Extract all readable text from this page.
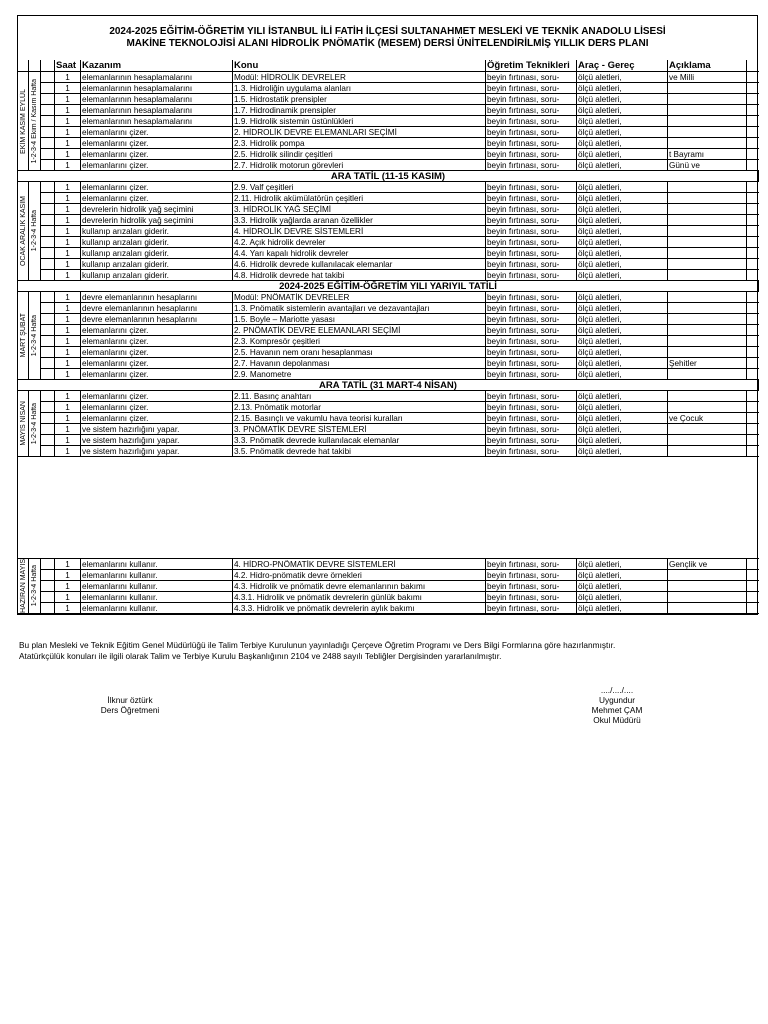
2024-2025 EĞİTİM-ÖĞRETİM YILI İSTANBUL İLİ FATİH İLÇESİ SULTANAHMET MESLEKİ VE TEKNİK ANADOLU LİSESİ
MAKİNE TEKNOLOJİSİ ALANI HİDROLİK PNÖMATİK (MESEM) DERSİ ÜNİTELENDİRİLMİŞ YILLIK DERS PLANI
			Saat	Kazanım	Konu	Öğretim Teknikleri	Araç - Gereç	Açıklama	

EKİM KASIM EYLÜL	1-2-3-4 Ekim / Kasım Hafta		1	elemanlarının hesaplamalarını	Modül: HİDROLİK DEVRELER	beyin fırtınası, soru-	ölçü aletleri,	ve Milli	
			1	elemanlarının hesaplamalarını	1.3. Hidroliğin uygulama alanları	beyin fırtınası, soru-	ölçü aletleri,		
			1	elemanlarının hesaplamalarını	1.5. Hidrostatik prensipler	beyin fırtınası, soru-	ölçü aletleri,		
			1	elemanlarının hesaplamalarını	1.7. Hidrodinamik prensipler	beyin fırtınası, soru-	ölçü aletleri,		
			1	elemanlarının hesaplamalarını	1.9. Hidrolik sistemin üstünlükleri	beyin fırtınası, soru-	ölçü aletleri,		
			1	elemanlarını çizer.	2. HİDROLİK DEVRE ELEMANLARI SEÇİMİ	beyin fırtınası, soru-	ölçü aletleri,		
			1	elemanlarını çizer.	2.3. Hidrolik pompa	beyin fırtınası, soru-	ölçü aletleri,		
			1	elemanlarını çizer.	2.5. Hidrolik silindir çeşitleri	beyin fırtınası, soru-	ölçü aletleri,	t Bayramı	
			1	elemanlarını çizer.	2.7. Hidrolik motorun görevleri	beyin fırtınası, soru-	ölçü aletleri,	Günü ve	
ARA TATİL (11-15 KASIM)									

OCAK ARALIK KASIM	1-2-3-4 Hafta		1	elemanlarını çizer.	2.9. Valf çeşitleri	beyin fırtınası, soru-	ölçü aletleri,		
			1	elemanlarını çizer.	2.11. Hidrolik akümülatörün çeşitleri	beyin fırtınası, soru-	ölçü aletleri,		
			1	devrelerin hidrolik yağ seçimini	3. HİDROLİK YAĞ SEÇİMİ	beyin fırtınası, soru-	ölçü aletleri,		
			1	devrelerin hidrolik yağ seçimini	3.3. Hidrolik yağlarda aranan özellikler	beyin fırtınası, soru-	ölçü aletleri,		
			1	kullanıp arızaları giderir.	4. HİDROLİK DEVRE SİSTEMLERİ	beyin fırtınası, soru-	ölçü aletleri,		
			1	kullanıp arızaları giderir.	4.2. Açık hidrolik devreler	beyin fırtınası, soru-	ölçü aletleri,		
			1	kullanıp arızaları giderir.	4.4. Yarı kapalı hidrolik devreler	beyin fırtınası, soru-	ölçü aletleri,		
			1	kullanıp arızaları giderir.	4.6. Hidrolik devrede kullanılacak elemanlar	beyin fırtınası, soru-	ölçü aletleri,		
			1	kullanıp arızaları giderir.	4.8. Hidrolik devrede hat takibi	beyin fırtınası, soru-	ölçü aletleri,		
2024-2025 EĞİTİM-ÖĞRETİM YILI YARIYIL TATİLİ									

MART ŞUBAT	1-2-3-4 Hafta		1	devre elemanlarının hesaplarını	Modül: PNÖMATİK DEVRELER	beyin fırtınası, soru-	ölçü aletleri,		
			1	devre elemanlarının hesaplarını	1.3. Pnömatik sistemlerin avantajları ve dezavantajları	beyin fırtınası, soru-	ölçü aletleri,		
			1	devre elemanlarının hesaplarını	1.5. Boyle – Mariotte yasası	beyin fırtınası, soru-	ölçü aletleri,		
			1	elemanlarını çizer.	2. PNÖMATİK DEVRE ELEMANLARI SEÇİMİ	beyin fırtınası, soru-	ölçü aletleri,		
			1	elemanlarını çizer.	2.3. Kompresör çeşitleri	beyin fırtınası, soru-	ölçü aletleri,		
			1	elemanlarını çizer.	2.5. Havanın nem oranı hesaplanması	beyin fırtınası, soru-	ölçü aletleri,		
			1	elemanlarını çizer.	2.7. Havanın depolanması	beyin fırtınası, soru-	ölçü aletleri,	Şehitler	
			1	elemanlarını çizer.	2.9. Manometre	beyin fırtınası, soru-	ölçü aletleri,		
ARA TATİL (31 MART-4 NİSAN)									

MAYIS NİSAN	1-2-3-4 Hafta		1	elemanlarını çizer.	2.11. Basınç anahtarı	beyin fırtınası, soru-	ölçü aletleri,		
			1	elemanlarını çizer.	2.13. Pnömatik motorlar	beyin fırtınası, soru-	ölçü aletleri,		
			1	elemanlarını çizer.	2.15. Basınçlı ve vakumlu hava teorisi kuralları	beyin fırtınası, soru-	ölçü aletleri,	ve Çocuk	
			1	ve sistem hazırlığını yapar.	3. PNÖMATİK DEVRE SİSTEMLERİ	beyin fırtınası, soru-	ölçü aletleri,		
			1	ve sistem hazırlığını yapar.	3.3. Pnömatik devrede kullanılacak elemanlar	beyin fırtınası, soru-	ölçü aletleri,		
			1	ve sistem hazırlığını yapar.	3.5. Pnömatik devrede hat takibi	beyin fırtınası, soru-	ölçü aletleri,		
HAZİRAN MAYIS	1-2-3-4 Hafta		1	elemanlarını kullanır.	4. HİDRO-PNÖMATİK DEVRE SİSTEMLERİ	beyin fırtınası, soru-	ölçü aletleri,	Gençlik ve	
			1	elemanlarını kullanır.	4.2. Hidro-pnömatik devre örnekleri	beyin fırtınası, soru-	ölçü aletleri,		
			1	elemanlarını kullanır.	4.3. Hidrolik ve pnömatik devre elemanlarının bakımı	beyin fırtınası, soru-	ölçü aletleri,		
			1	elemanlarını kullanır.	4.3.1. Hidrolik ve pnömatik devrelerin günlük bakımı	beyin fırtınası, soru-	ölçü aletleri,		
			1	elemanlarını kullanır.	4.3.3. Hidrolik ve pnömatik devrelerin aylık bakımı	beyin fırtınası, soru-	ölçü aletleri,		
Bu plan Mesleki ve Teknik Eğitim Genel Müdürlüğü ile Talim Terbiye Kurulunun yayınladığı Çerçeve Öğretim Programı ve Ders Bilgi Formlarına göre hazırlanmıştır.
Atatürkçülük konuları ile ilgili olarak Talim ve Terbiye Kurulu Başkanlığının 2104 ve 2488 sayılı Tebliğler Dergisinden yararlanılmıştır.
İlknur öztürk
Ders Öğretmeni
..../..../....
Uygundur
Mehmet ÇAM
Okul Müdürü
